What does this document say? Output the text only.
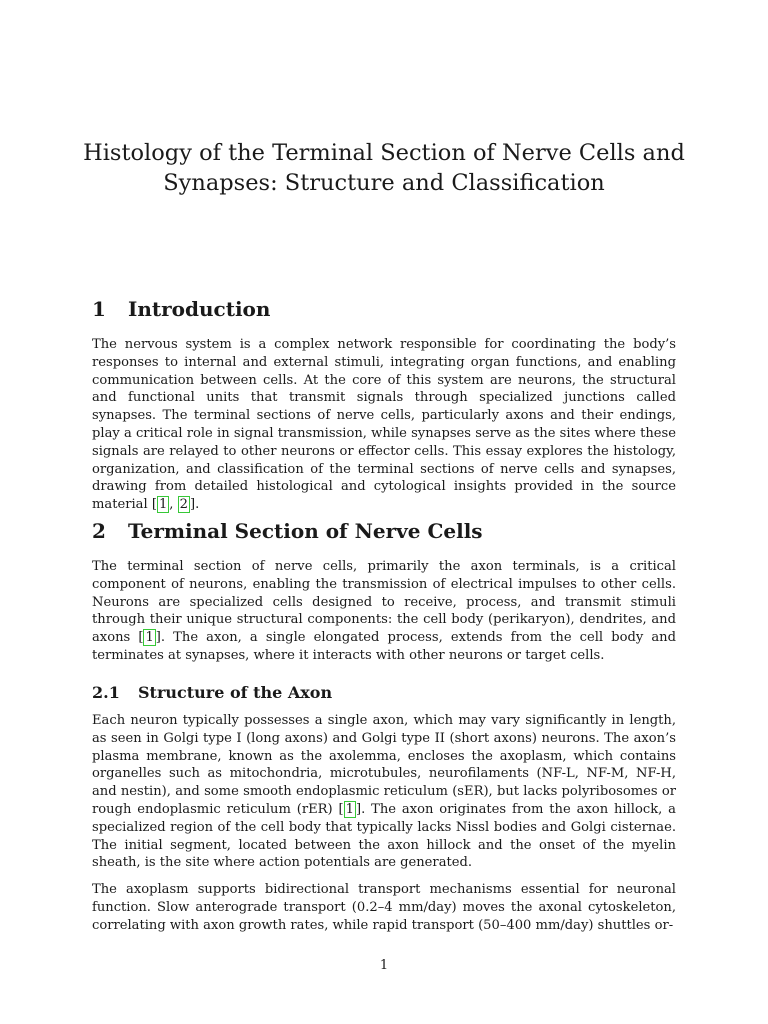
Histology of the Terminal Section of Nerve Cells and Synapses: Structure and Classification
1 Introduction

The nervous system is a complex network responsible for coordinating the body’s responses to internal and external stimuli, integrating organ functions, and enabling communication between cells. At the core of this system are neurons, the structural and functional units that transmit signals through specialized junctions called synapses. The terminal sections of nerve cells, particularly axons and their endings, play a critical role in signal transmission, while synapses serve as the sites where these signals are relayed to other neurons or effector cells. This essay explores the histology, organization, and classification of the terminal sections of nerve cells and synapses, drawing from detailed histological and cytological insights provided in the source material [ 1 , 2 ].

2 Terminal Section of Nerve Cells

The terminal section of nerve cells, primarily the axon terminals, is a critical component of neurons, enabling the transmission of electrical impulses to other cells. Neurons are specialized cells designed to receive, process, and transmit stimuli through their unique structural components: the cell body (perikaryon), dendrites, and axons [ 1 ]. The axon, a single elongated process, extends from the cell body and terminates at synapses, where it interacts with other neurons or target cells.

2.1 Structure of the Axon

Each neuron typically possesses a single axon, which may vary significantly in length, as seen in Golgi type I (long axons) and Golgi type II (short axons) neurons. The axon’s plasma membrane, known as the axolemma, encloses the axoplasm, which contains organelles such as mitochondria, microtubules, neurofilaments (NF-L, NF-M, NF-H, and nestin), and some smooth endoplasmic reticulum (sER), but lacks polyribosomes or rough endoplasmic reticulum (rER) [ 1 ]. The axon originates from the axon hillock, a specialized region of the cell body that typically lacks Nissl bodies and Golgi cisternae. The initial segment, located between the axon hillock and the onset of the myelin sheath, is the site where action potentials are generated.

The axoplasm supports bidirectional transport mechanisms essential for neuronal function. Slow anterograde transport (0.2–4 mm/day) moves the axonal cytoskeleton, correlating with axon growth rates, while rapid transport (50–400 mm/day) shuttles or-

1
